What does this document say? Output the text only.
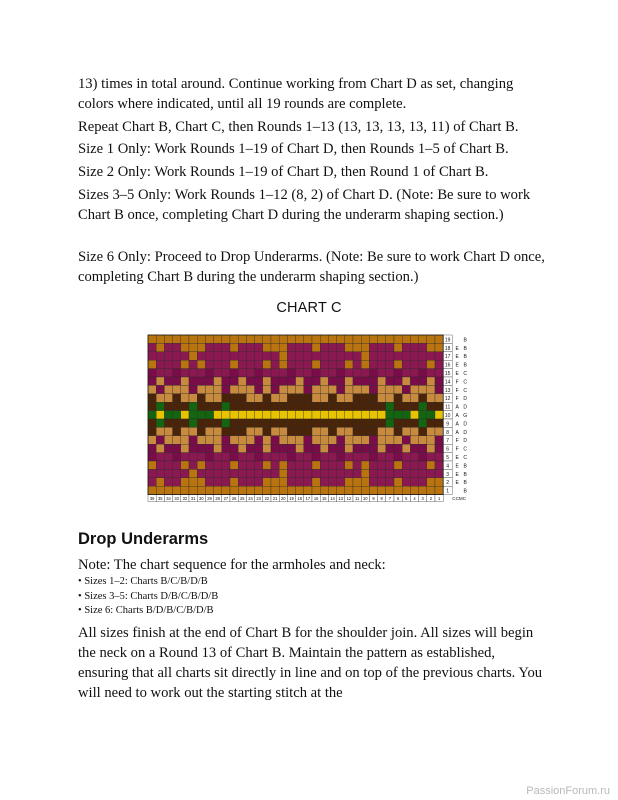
13) times in total around. Continue working from Chart D as set, changing colors where indicated, until all 19 rounds are complete.

Repeat Chart B, Chart C, then Rounds 1–13 (13, 13, 13, 13, 11) of Chart B.

Size 1 Only: Work Rounds 1–19 of Chart D, then Rounds 1–5 of Chart B.

Size 2 Only: Work Rounds 1–19 of Chart D, then Round 1 of Chart B.

Sizes 3–5 Only: Work Rounds 1–12 (8, 2) of Chart D. (Note: Be sure to work Chart B once, completing Chart D during the underarm shaping section.)

Size 6 Only: Proceed to Drop Underarms. (Note: Be sure to work Chart D once, completing Chart B during the underarm shaping section.)

CHART C
19	B
18 E B
17 E B
16 E B
15 E C
14 F C
13 F C
12 F D
11 A D
10 A G
9 A D
8 A D
7 F D
6 F C
5 E C
4 E B
3 E B
2 E B
1	B
36 35 34 33 32 31 30 29 28 27 26 25 24 23 22 21 20 19 18 17 16 15 14 13 12 11 10 9 8 7 6 5 4 3 2 1	CCMC
Drop Underarms

Note: The chart sequence for the armholes and neck:

• Sizes 1–2: Charts B/C/B/D/B
• Sizes 3–5: Charts D/B/C/B/D/B
• Size 6: Charts B/D/B/C/B/D/B

All sizes finish at the end of Chart B for the shoulder join. All sizes will begin the neck on a Round 13 of Chart B. Maintain the pattern as established, ensuring that all charts sit directly in line and on top of the previous charts. You will need to work out the starting stitch at the

PassionForum.ru
